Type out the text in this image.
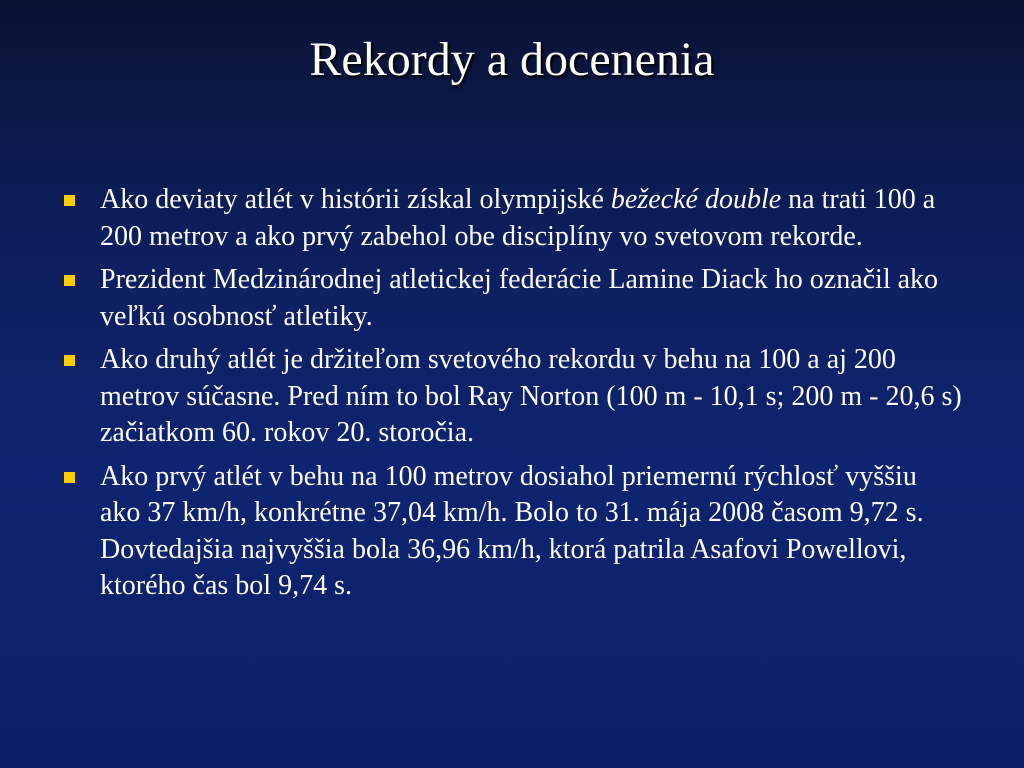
Rekordy a docenenia
Ako deviaty atlét v histórii získal olympijské bežecké double na trati 100 a 200 metrov a ako prvý zabehol obe disciplíny vo svetovom rekorde.
Prezident Medzinárodnej atletickej federácie Lamine Diack ho označil ako veľkú osobnosť atletiky.
Ako druhý atlét je držiteľom svetového rekordu v behu na 100 a aj 200 metrov súčasne. Pred ním to bol Ray Norton (100 m - 10,1 s; 200 m - 20,6 s) začiatkom 60. rokov 20. storočia.
Ako prvý atlét v behu na 100 metrov dosiahol priemernú rýchlosť vyššiu ako 37 km/h, konkrétne 37,04 km/h. Bolo to 31. mája 2008 časom 9,72 s. Dovtedajšia najvyššia bola 36,96 km/h, ktorá patrila Asafovi Powellovi, ktorého čas bol 9,74 s.
